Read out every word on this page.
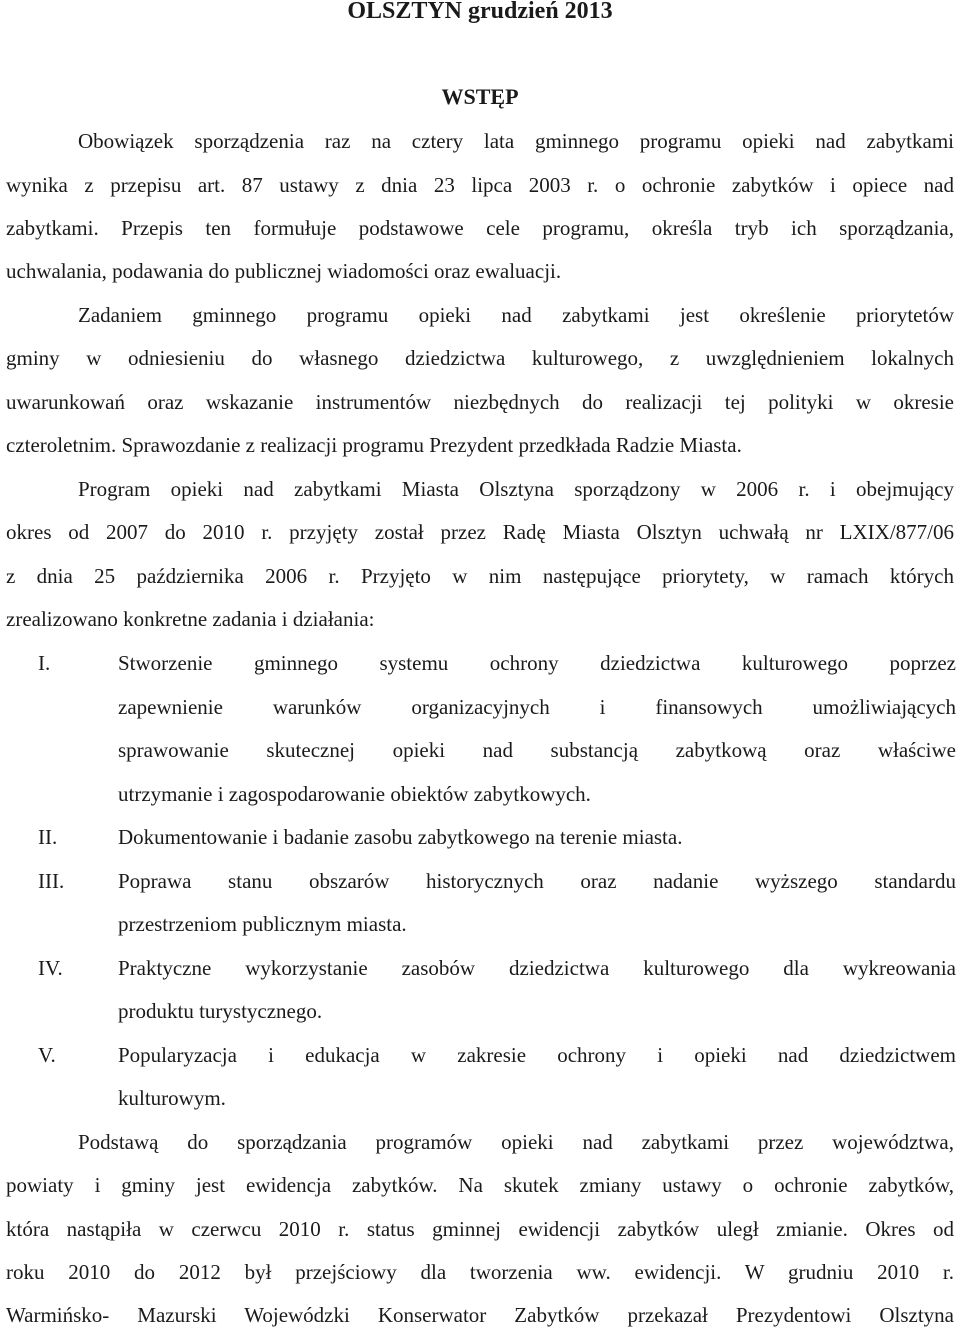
OLSZTYN grudzień 2013
WSTĘP
Obowiązek sporządzenia raz na cztery lata gminnego programu opieki nad zabytkami
wynika z przepisu art. 87 ustawy z dnia 23 lipca 2003 r. o ochronie zabytków i opiece nad
zabytkami. Przepis ten formułuje podstawowe cele programu, określa tryb ich sporządzania,
uchwalania, podawania do publicznej wiadomości oraz ewaluacji.
Zadaniem gminnego programu opieki nad zabytkami jest określenie priorytetów
gminy w odniesieniu do własnego dziedzictwa kulturowego, z uwzględnieniem lokalnych
uwarunkowań oraz wskazanie instrumentów niezbędnych do realizacji tej polityki w okresie
czteroletnim. Sprawozdanie z realizacji programu Prezydent przedkłada Radzie Miasta.
Program opieki nad zabytkami Miasta Olsztyna sporządzony w 2006 r. i obejmujący
okres od 2007 do 2010 r. przyjęty został przez Radę Miasta Olsztyn uchwałą nr LXIX/877/06
z dnia 25 października 2006 r. Przyjęto w nim następujące priorytety, w ramach których
zrealizowano konkretne zadania i działania:
I.	Stworzenie gminnego systemu ochrony dziedzictwa kulturowego poprzez
zapewnienie warunków organizacyjnych i finansowych umożliwiających
sprawowanie skutecznej opieki nad substancją zabytkową oraz właściwe
utrzymanie i zagospodarowanie obiektów zabytkowych.
II.	Dokumentowanie i badanie zasobu zabytkowego na terenie miasta.
III.	Poprawa stanu obszarów historycznych oraz nadanie wyższego standardu
przestrzeniom publicznym miasta.
IV.	Praktyczne wykorzystanie zasobów dziedzictwa kulturowego dla wykreowania
produktu turystycznego.
V.	Popularyzacja i edukacja w zakresie ochrony i opieki nad dziedzictwem
kulturowym.
Podstawą do sporządzania programów opieki nad zabytkami przez województwa,
powiaty i gminy jest ewidencja zabytków. Na skutek zmiany ustawy o ochronie zabytków,
która nastąpiła w czerwcu 2010 r. status gminnej ewidencji zabytków uległ zmianie. Okres od
roku 2010 do 2012 był przejściowy dla tworzenia ww. ewidencji. W grudniu 2010 r.
Warmińsko- Mazurski Wojewódzki Konserwator Zabytków przekazał Prezydentowi Olsztyna
